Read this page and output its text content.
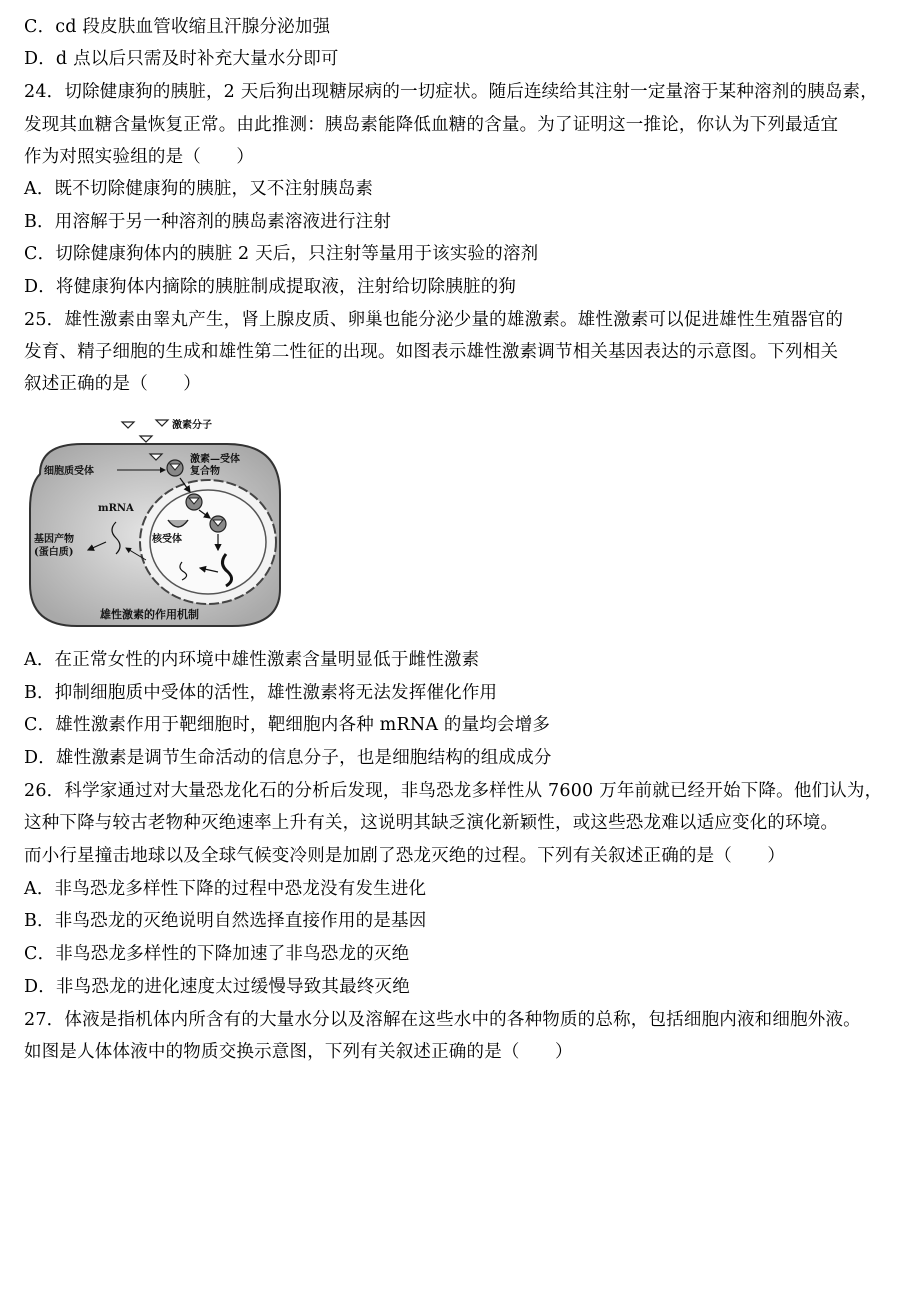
C．cd 段皮肤血管收缩且汗腺分泌加强
D．d 点以后只需及时补充大量水分即可
24．切除健康狗的胰脏，2 天后狗出现糖尿病的一切症状。随后连续给其注射一定量溶于某种溶剂的胰岛素，
发现其血糖含量恢复正常。由此推测：胰岛素能降低血糖的含量。为了证明这一推论，你认为下列最适宜
作为对照实验组的是（　　）
A．既不切除健康狗的胰脏，又不注射胰岛素
B．用溶解于另一种溶剂的胰岛素溶液进行注射
C．切除健康狗体内的胰脏 2 天后，只注射等量用于该实验的溶剂
D．将健康狗体内摘除的胰脏制成提取液，注射给切除胰脏的狗
25．雄性激素由睾丸产生，肾上腺皮质、卵巢也能分泌少量的雄激素。雄性激素可以促进雄性生殖器官的
发育、精子细胞的生成和雄性第二性征的出现。如图表示雄性激素调节相关基因表达的示意图。下列相关
叙述正确的是（　　）
A．在正常女性的内环境中雄性激素含量明显低于雌性激素
B．抑制细胞质中受体的活性，雄性激素将无法发挥催化作用
C．雄性激素作用于靶细胞时，靶细胞内各种 mRNA 的量均会增多
D．雄性激素是调节生命活动的信息分子，也是细胞结构的组成成分
26．科学家通过对大量恐龙化石的分析后发现，非鸟恐龙多样性从 7600 万年前就已经开始下降。他们认为，
这种下降与较古老物种灭绝速率上升有关，这说明其缺乏演化新颖性，或这些恐龙难以适应变化的环境。
而小行星撞击地球以及全球气候变冷则是加剧了恐龙灭绝的过程。下列有关叙述正确的是（　　）
A．非鸟恐龙多样性下降的过程中恐龙没有发生进化
B．非鸟恐龙的灭绝说明自然选择直接作用的是基因
C．非鸟恐龙多样性的下降加速了非鸟恐龙的灭绝
D．非鸟恐龙的进化速度太过缓慢导致其最终灭绝
27．体液是指机体内所含有的大量水分以及溶解在这些水中的各种物质的总称，包括细胞内液和细胞外液。
如图是人体体液中的物质交换示意图，下列有关叙述正确的是（　　）
激素分子
细胞质受体
激素—受体
复合物
核受体
mRNA
基因产物
(蛋白质)
雄性激素的作用机制
